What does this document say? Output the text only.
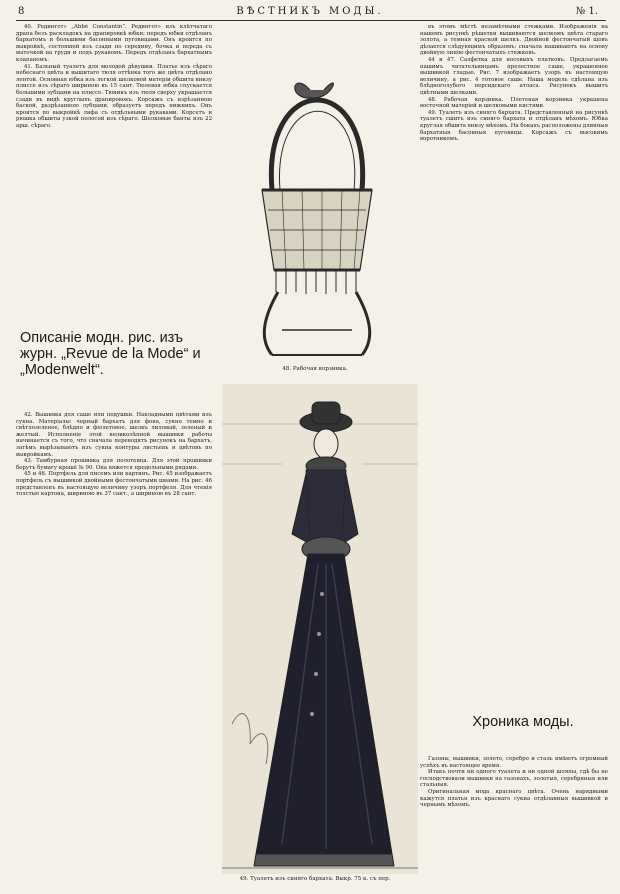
8	ВѢСТНИКЪ МОДЫ.	№ 1.

40. Редингот» „Abbé Constantin“. Редингот» изъ клѣтчатаго драпа безъ раскладокъ на драпировкѣ юбки; передъ юбки отдѣланъ бархатомъ и большими басонными пуговицами. Онъ кроится по выкройкѣ, состоящей изъ сзади по середину, бочка и переда съ выточкой на груди и подъ рукавомъ. Передъ отдѣланъ бархатнымъ клапаномъ.

41. Бальный туалетъ для молодой дѣвушки. Платье изъ сѣраго небеснаго цвѣта и вышитаго тюля оттѣнка того же цвѣта отдѣлано лентой. Основная юбка изъ легкой шелковой матеріи обшита внизу плиссе изъ сѣраго шириною въ 15 сант. Тюлевая юбка спускается большими зубцами на плиссе. Тюникъ изъ тюля сверху украшается сзади въ видѣ круглыхъ драпировокъ. Корсажъ съ изрѣзанною баской, разрѣзанною лубцами, образуетъ передъ нижнихъ. Онъ кроится по выкройкѣ лифа съ отдѣльными рукавами. Корсетъ и рюшка обшиты узкой полосой изъ сѣраго. Шелковые банты изъ 22 арш. сѣраго.

Описаніе модн. рис. изъ журн. „Revue de la Mode“ и „Modenwelt“.

42. Вышивка для саше или подушки. Накладными цвѣтами изъ сукна. Матеріалы: черный бархатъ для фона, сукно темно и свѣтлозеленое, блѣдно и фіолетовое, шелкъ лиловый, зеленый и желтый. Исполненіе этой великолѣпной вышивки работы начинается съ того, что сначала переводятъ рисунокъ на бархатъ, затѣмъ вырѣзываютъ изъ сукна контуры листьевъ и цвѣтовъ по выкройкамъ.

43. Тамбурная прошивка для полотенца. Для этой прошивки берутъ бумагу крошё № 90. Она вяжется продольными рядами.

45 и 46. Портфель для писемъ или картинъ. Рис. 45 изображаетъ портфель съ вышивкой двойными фестончатыми швами. На рис. 46 представленъ въ настоящую величину узоръ портфеля. Для чтенія толстые картона, шириною въ 37 сант., а шириною въ 28 сант.

48. Рабочая корзинка.
49. Туалетъ изъ синяго бархата. Выкр. 75 к. съ пер.

въ этомъ мѣстѣ незамѣтными стежками. Изображенія на нашемъ рисункѣ рѣшетки вышиваются шелкомъ цвѣта стараго золота, а темная красной шелкъ. Двойной фестончатый шовъ дѣлается слѣдующимъ образомъ: сначала нашиваютъ на основу двойную линію фестончатыхъ стежковъ.

44 и 47. Салфетка для носовыхъ платковъ. Предлагаемъ нашимъ читательницамъ прелестное саше, украшенное вышивкой гладью. Рис. 7 изображаетъ узоръ въ настоящую величину, а рис. 4 готовое саше. Наша модель сдѣлана изъ блѣдноголубого персидскаго атласа. Рисунокъ вышитъ цвѣтными шелками.

48. Рабочая корзинка. Плетеная корзинка украшена восточной матеріей и шелковыми кистями.

49. Туалетъ изъ синяго бархата. Представленный на рисункѣ туалетъ сшитъ изъ синяго бархата и отдѣланъ мѣхомъ. Юбка круглая обшита внизу мѣхомъ. На бокахъ расположены длинныя бархатныя басонныя пуговицы. Корсажъ съ высокимъ воротникомъ.

Хроника моды.

Газоны, вышивки, золото, серебро и сталь имѣютъ огромный успѣхъ въ настоящее время.

Итакъ почти ни одного туалета и ни одной шляпы, гдѣ бы не господствовали вышивки на газонахъ, золотыя, серебряныя или стальныя.

Оригинальная мода краснаго цвѣта. Очень нарядными кажутся платья изъ краснаго сукна отдѣланныя вышивкой и чернымъ мѣхомъ.
